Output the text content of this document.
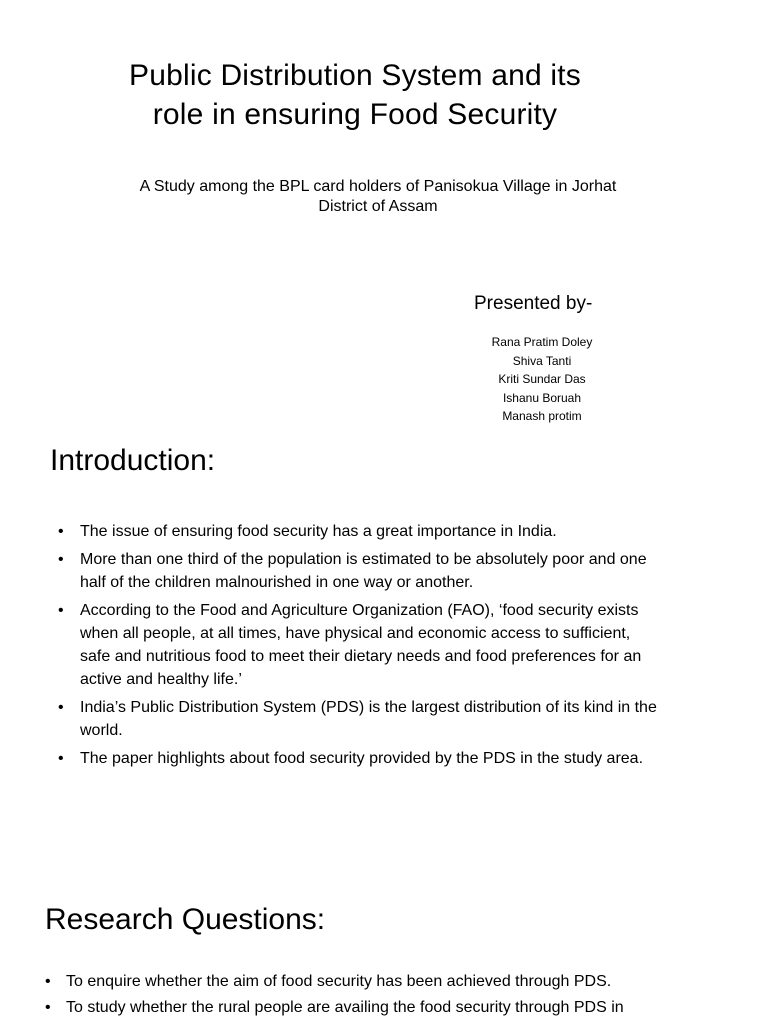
Public Distribution System and its
role in ensuring Food Security
A Study among the BPL card holders of Panisokua Village in Jorhat
District of Assam
Presented by-
Rana Pratim Doley
Shiva Tanti
Kriti Sundar Das
Ishanu Boruah
Manash protim
Introduction:
•	The issue of ensuring food security has a great importance in India.
•	More than one third of the population is estimated to be absolutely poor and one half of the children malnourished in one way or another.
•	According to the Food and Agriculture Organization (FAO), ‘food security exists when all people, at all times, have physical and economic access to sufficient, safe and nutritious food to meet their dietary needs and food preferences for an active and healthy life.’
•	India’s Public Distribution System (PDS) is the largest distribution of its kind in the world.
•	The paper highlights about food security provided by the PDS in the study area.
Research Questions:
• To enquire whether the aim of food security has been achieved through PDS.
• To study whether the rural people are availing the food security through PDS in
